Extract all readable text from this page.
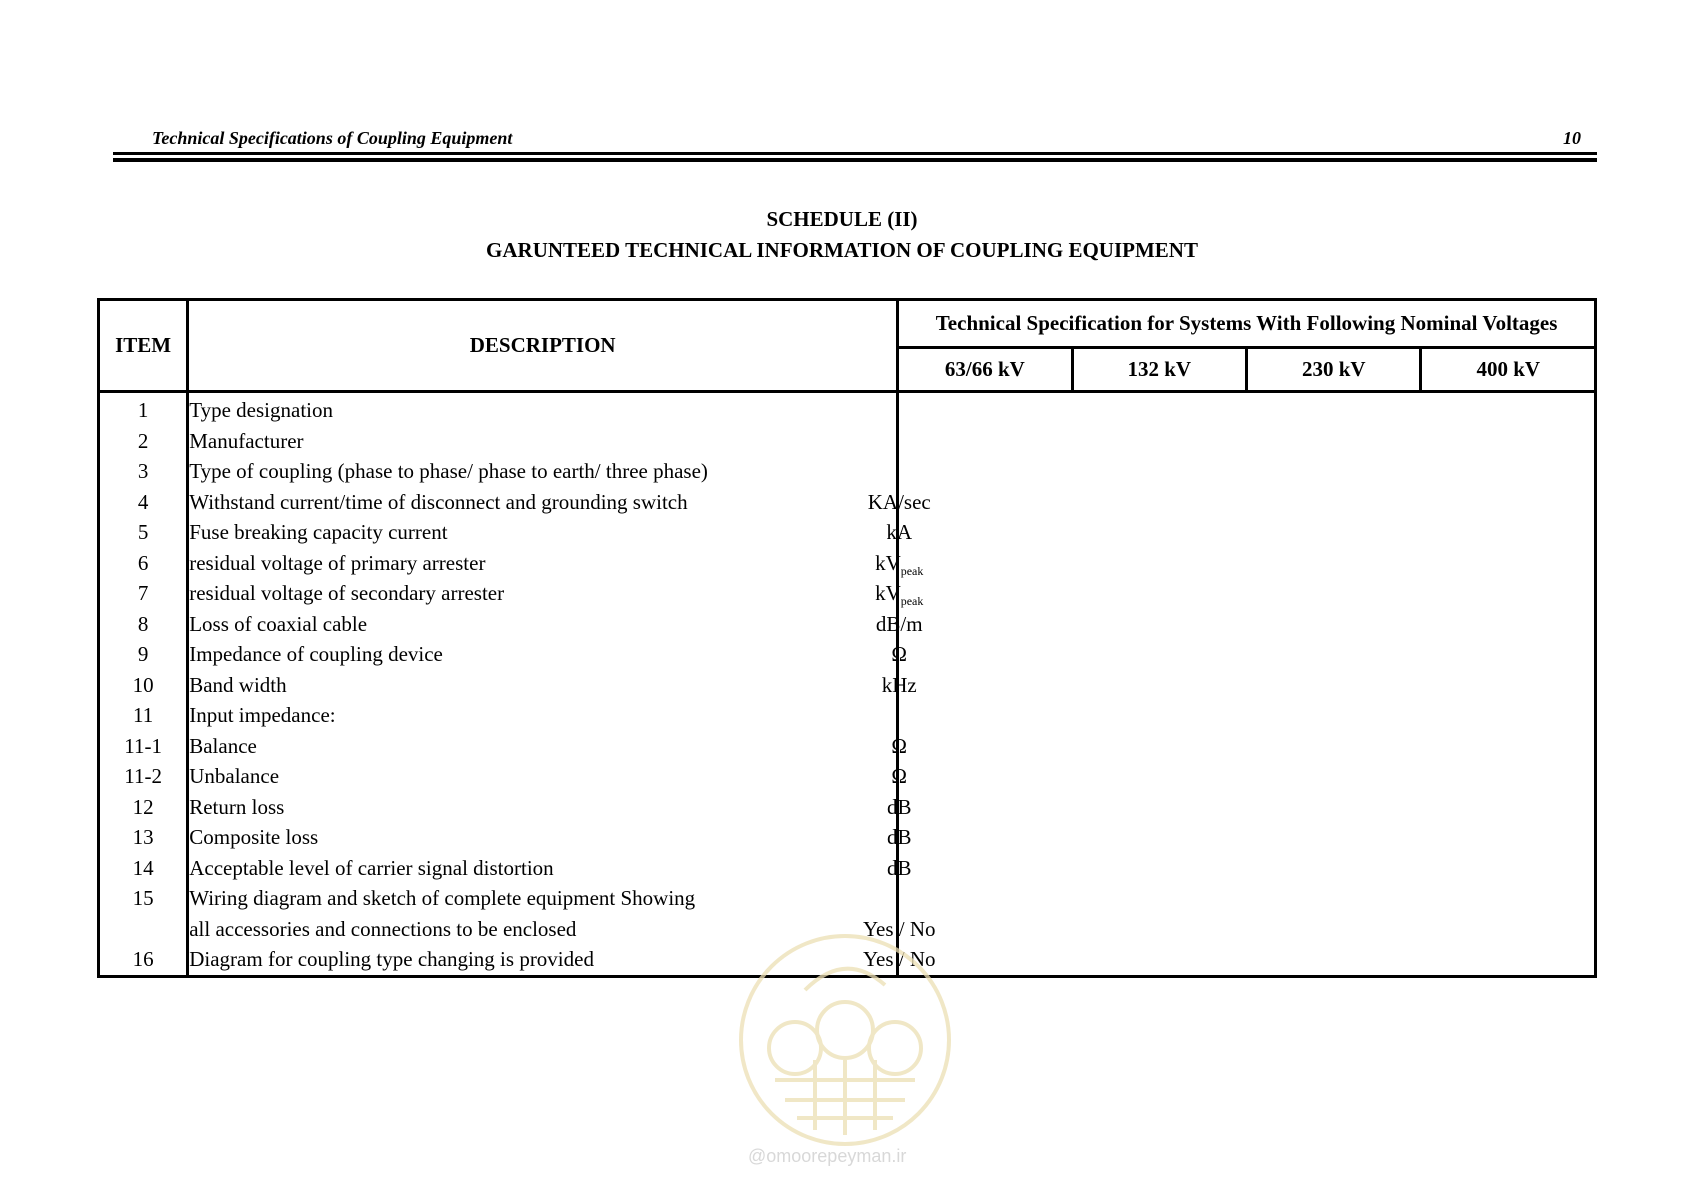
Technical Specifications of Coupling Equipment	10
SCHEDULE (II)
GARUNTEED TECHNICAL INFORMATION OF COUPLING EQUIPMENT
ITEM	DESCRIPTION	Technical Specification for Systems With Following Nominal Voltages			
		63/66 kV	132 kV	230 kV	400 kV
1	Type designation			

2	Manufacturer				

3	Type of coupling (phase to phase/ phase to earth/ three phase)				

4	Withstand current/time of disconnect and grounding switch KA/sec				

5	Fuse breaking capacity current kA				

6	residual voltage of primary arrester $kV_{peak}$

7	residual voltage of secondary arrester $kV_{peak}$

8	Loss of coaxial cable dB/m				

9	Impedance of coupling device Ω				

10	Band width kHz				

11	Input impedance:				

11-1	Balance Ω				

11-2	Unbalance Ω				

12	Return loss dB				

13	Composite loss dB				

14	Acceptable level of carrier signal distortion dB				

15	Wiring diagram and sketch of complete equipment Showing				

	all accessories and connections to be enclosed Yes / No				

16	Diagram for coupling type changing is provided Yes / No				
@omoorepeyman.ir
